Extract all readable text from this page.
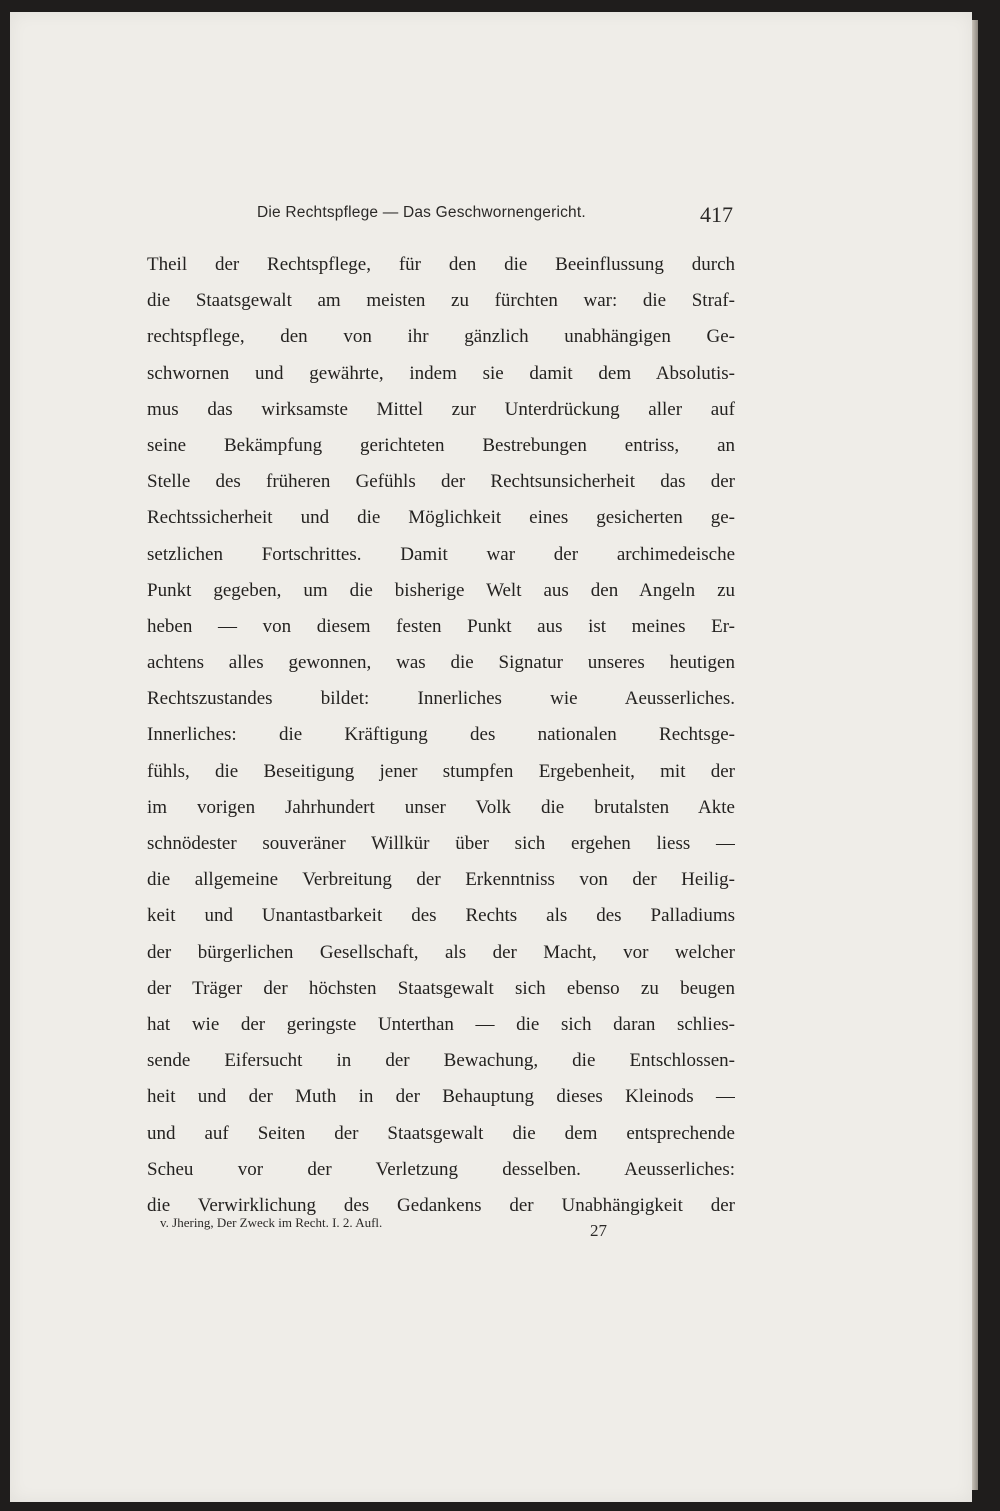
Die Rechtspflege — Das Geschwornengericht.	417
Theil der Rechtspflege, für den die Beeinflussung durch
die Staatsgewalt am meisten zu fürchten war: die Straf-
rechtspflege, den von ihr gänzlich unabhängigen Ge-
schwornen und gewährte, indem sie damit dem Absolutis-
mus das wirksamste Mittel zur Unterdrückung aller auf
seine Bekämpfung gerichteten Bestrebungen entriss, an
Stelle des früheren Gefühls der Rechtsunsicherheit das der
Rechtssicherheit und die Möglichkeit eines gesicherten ge-
setzlichen Fortschrittes. Damit war der archimedeische
Punkt gegeben, um die bisherige Welt aus den Angeln zu
heben — von diesem festen Punkt aus ist meines Er-
achtens alles gewonnen, was die Signatur unseres heutigen
Rechtszustandes bildet: Innerliches wie Aeusserliches.
Innerliches: die Kräftigung des nationalen Rechtsge-
fühls, die Beseitigung jener stumpfen Ergebenheit, mit der
im vorigen Jahrhundert unser Volk die brutalsten Akte
schnödester souveräner Willkür über sich ergehen liess —
die allgemeine Verbreitung der Erkenntniss von der Heilig-
keit und Unantastbarkeit des Rechts als des Palladiums
der bürgerlichen Gesellschaft, als der Macht, vor welcher
der Träger der höchsten Staatsgewalt sich ebenso zu beugen
hat wie der geringste Unterthan — die sich daran schlies-
sende Eifersucht in der Bewachung, die Entschlossen-
heit und der Muth in der Behauptung dieses Kleinods —
und auf Seiten der Staatsgewalt die dem entsprechende
Scheu vor der Verletzung desselben. Aeusserliches:
die Verwirklichung des Gedankens der Unabhängigkeit der
v. Jhering, Der Zweck im Recht. I. 2. Aufl.	27
